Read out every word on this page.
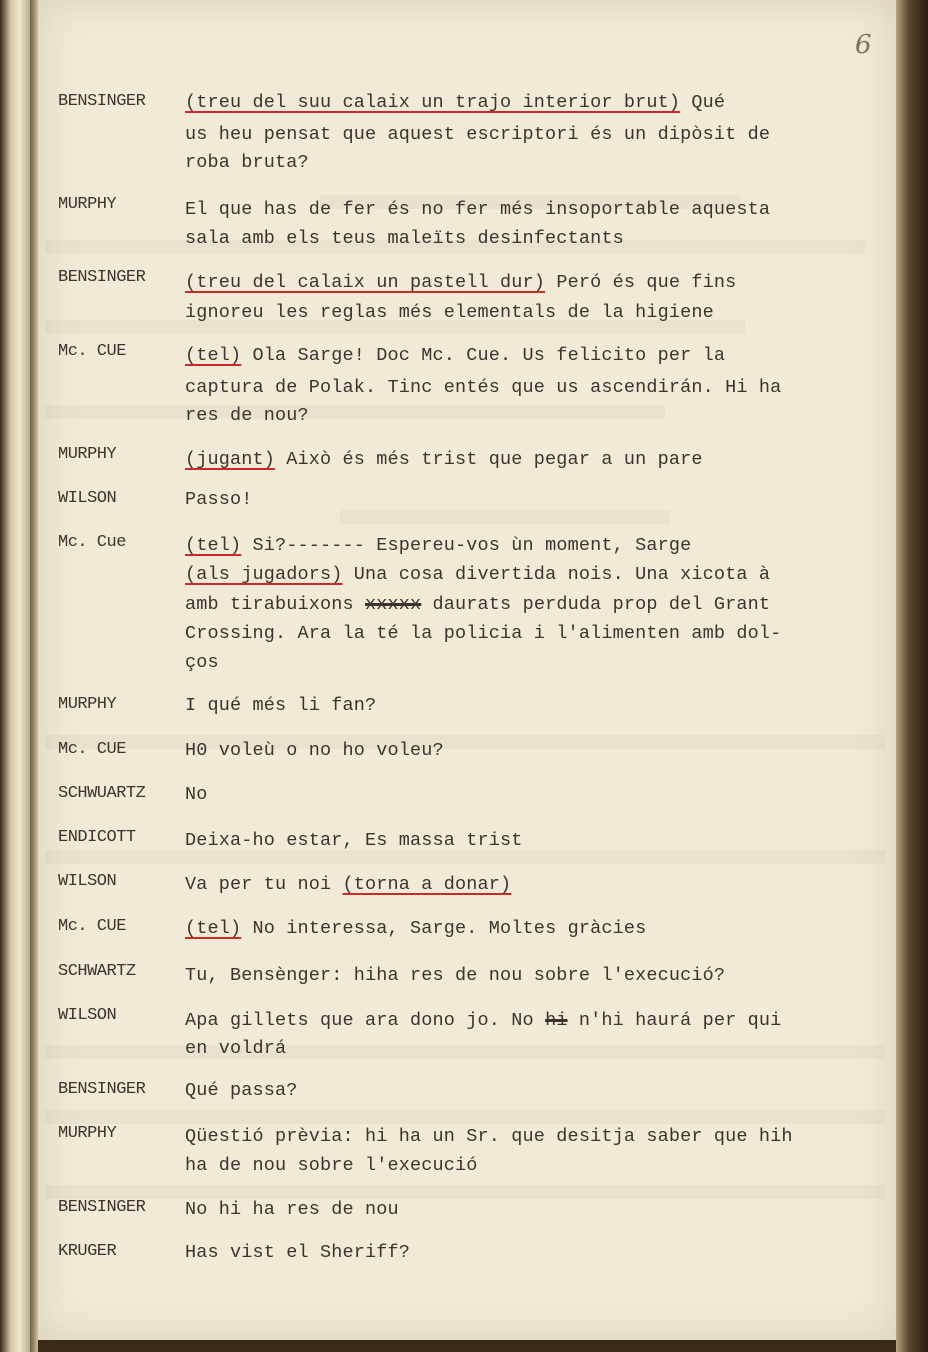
6
BENSINGER (treu del suu calaix un trajo interior brut) Qué
us heu pensat que aquest escriptori és un dipòsit de
roba bruta?
MURPHY	El que has de fer és no fer més insoportable aquesta
sala amb els teus maleïts desinfectants
BENSINGER (treu del calaix un pastell dur) Peró és que fins
ignoreu les reglas més elementals de la higiene
Mc. CUE	(tel) Ola Sarge! Doc Mc. Cue. Us felicito per la
captura de Polak. Tinc entés que us ascendirán. Hi ha
res de nou?
MURPHY	(jugant) Això és més trist que pegar a un pare
WILSON	Passo!
Mc. Cue	(tel) Si?------- Espereu-vos ùn moment, Sarge
(als jugadors) Una cosa divertida nois. Una xicota à
amb tirabuixons xxxxx daurats perduda prop del Grant
Crossing. Ara la té la policia i l'alimenten amb dol-
ços
MURPHY	I qué més li fan?
Mc. CUE	H0 voleù o no ho voleu?
SCHWUARTZ No
ENDICOTT	Deixa-ho estar, Es massa trist
WILSON	Va per tu noi (torna a donar)
Mc. CUE	(tel) No interessa, Sarge. Moltes gràcies
SCHWARTZ	Tu, Bensènger: hiha res de nou sobre l'execució?
WILSON	Apa gillets que ara dono jo. No hi n'hi haurá per qui
en voldrá
BENSINGER Qué passa?
MURPHY	Qüestió prèvia: hi ha un Sr. que desitja saber que hih
ha de nou sobre l'execució
BENSINGER No hi ha res de nou
KRUGER	Has vist el Sheriff?
